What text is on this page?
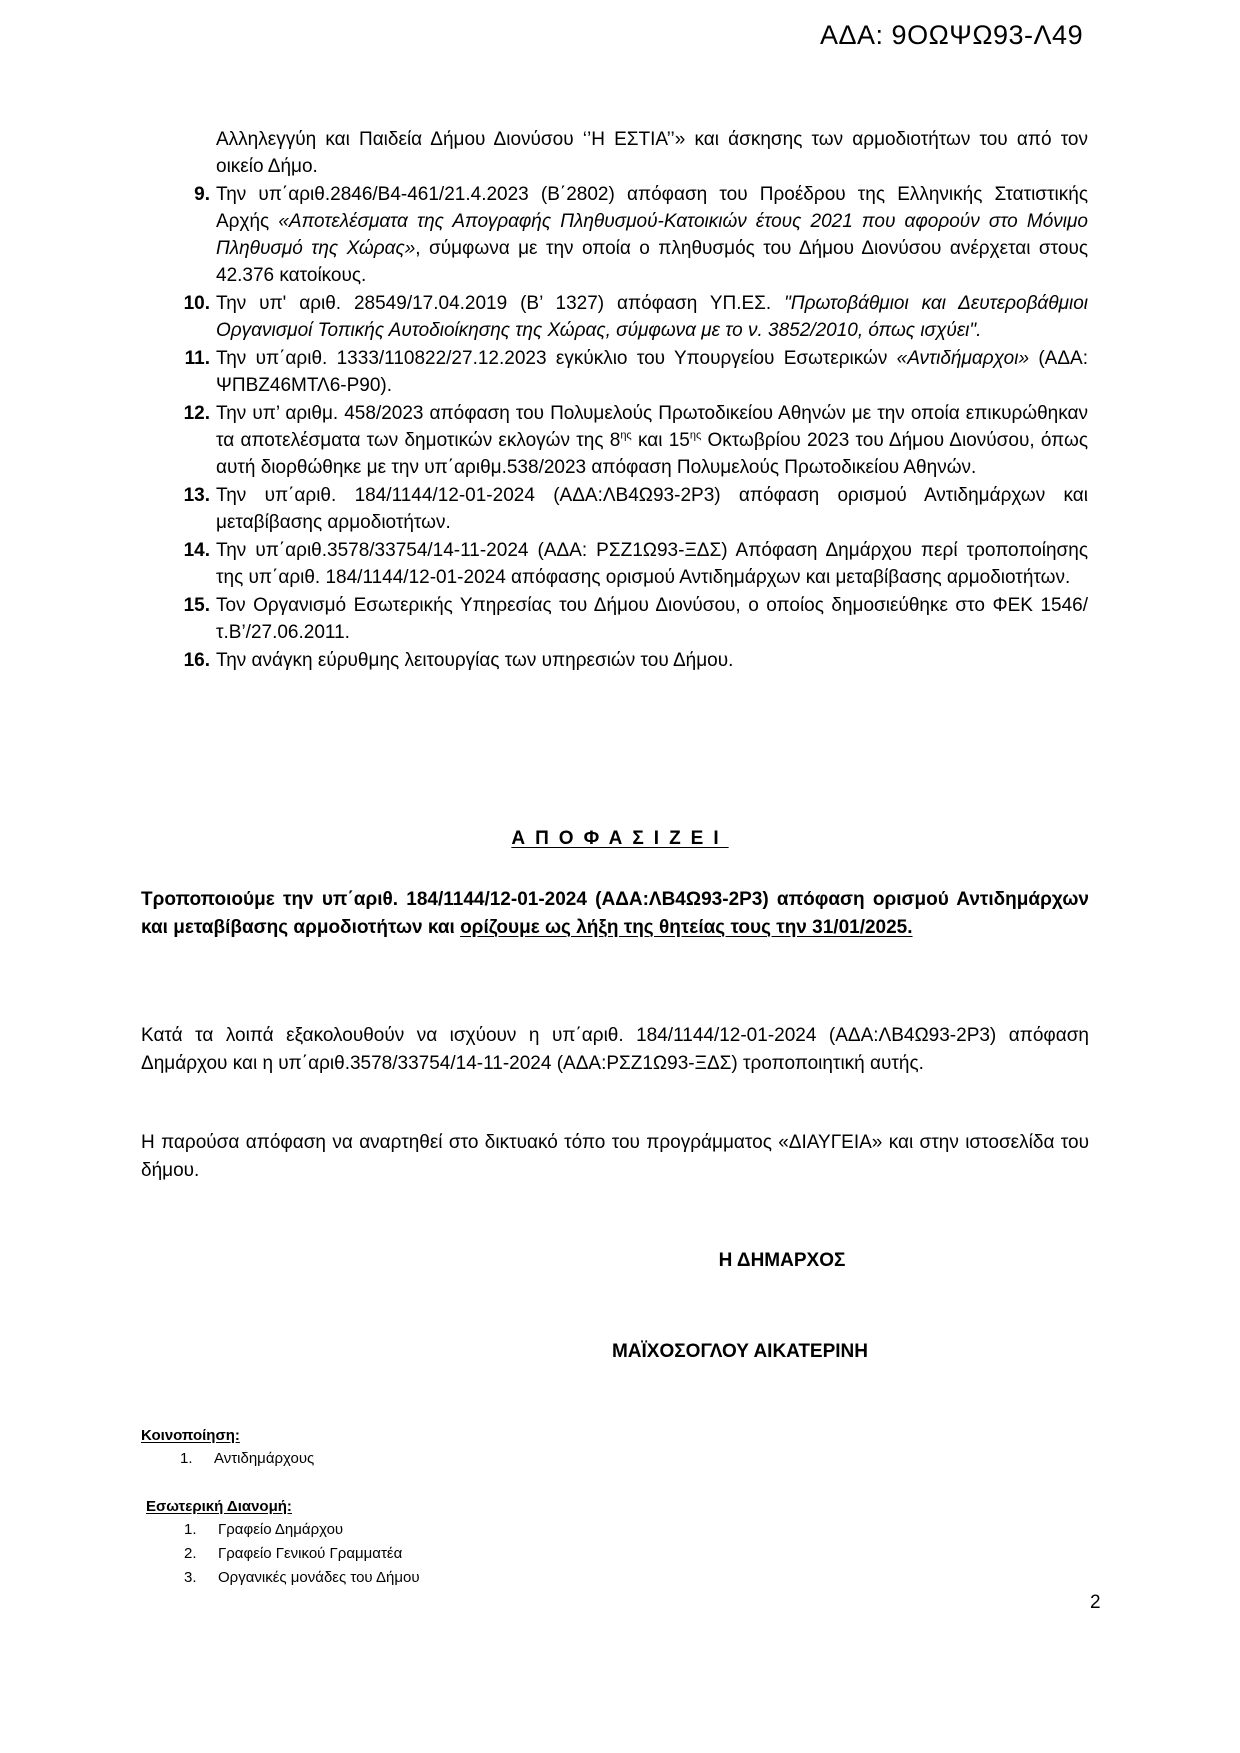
ΑΔΑ: 9ΟΩΨΩ93-Λ49
Αλληλεγγύη και Παιδεία Δήμου Διονύσου ‘’Η ΕΣΤΙΑ’’» και άσκησης των αρμοδιοτήτων του από τον οικείο Δήμο.
9. Την υπ΄αριθ.2846/Β4-461/21.4.2023 (Β΄2802) απόφαση του Προέδρου της Ελληνικής Στατιστικής Αρχής «Αποτελέσματα της Απογραφής Πληθυσμού-Κατοικιών έτους 2021 που αφορούν στο Μόνιμο Πληθυσμό της Χώρας», σύμφωνα με την οποία ο πληθυσμός του Δήμου Διονύσου ανέρχεται στους 42.376 κατοίκους.
10. Την υπ' αριθ. 28549/17.04.2019 (Β’ 1327) απόφαση ΥΠ.ΕΣ. "Πρωτοβάθμιοι και Δευτεροβάθμιοι Οργανισμοί Τοπικής Αυτοδιοίκησης της Χώρας, σύμφωνα με το ν. 3852/2010, όπως ισχύει".
11. Την υπ΄αριθ. 1333/110822/27.12.2023 εγκύκλιο του Υπουργείου Εσωτερικών «Αντιδήμαρχοι» (ΑΔΑ: ΨΠΒΖ46ΜΤΛ6-Ρ90).
12. Την υπ’ αριθμ. 458/2023 απόφαση του Πολυμελούς Πρωτοδικείου Αθηνών με την οποία επικυρώθηκαν τα αποτελέσματα των δημοτικών εκλογών της $8^{\eta\varsigma}$ και $15^{\eta\varsigma}$ Οκτωβρίου 2023 του Δήμου Διονύσου, όπως αυτή διορθώθηκε με την υπ΄αριθμ.538/2023 απόφαση Πολυμελούς Πρωτοδικείου Αθηνών.
13. Την υπ΄αριθ. 184/1144/12-01-2024 (ΑΔΑ:ΛΒ4Ω93-2Ρ3) απόφαση ορισμού Αντιδημάρχων και μεταβίβασης αρμοδιοτήτων.
14. Την υπ΄αριθ.3578/33754/14-11-2024 (ΑΔΑ: ΡΣΖ1Ω93-ΞΔΣ) Απόφαση Δημάρχου περί τροποποίησης της υπ΄αριθ. 184/1144/12-01-2024 απόφασης ορισμού Αντιδημάρχων και μεταβίβασης αρμοδιοτήτων.
15. Τον Οργανισμό Εσωτερικής Υπηρεσίας του Δήμου Διονύσου, ο οποίος δημοσιεύθηκε στο ΦΕΚ 1546/τ.Β’/27.06.2011.
16. Την ανάγκη εύρυθμης λειτουργίας των υπηρεσιών του Δήμου.
ΑΠΟΦΑΣΙΖΕΙ
Τροποποιούμε την υπ΄αριθ. 184/1144/12-01-2024 (ΑΔΑ:ΛΒ4Ω93-2Ρ3) απόφαση ορισμού Αντιδημάρχων και μεταβίβασης αρμοδιοτήτων και ορίζουμε ως λήξη της θητείας τους την 31/01/2025.
Κατά τα λοιπά εξακολουθούν να ισχύουν η υπ΄αριθ. 184/1144/12-01-2024 (ΑΔΑ:ΛΒ4Ω93-2Ρ3) απόφαση Δημάρχου και η υπ΄αριθ.3578/33754/14-11-2024 (ΑΔΑ:ΡΣΖ1Ω93-ΞΔΣ) τροποποιητική αυτής.
Η παρούσα απόφαση να αναρτηθεί στο δικτυακό τόπο του προγράμματος «ΔΙΑΥΓΕΙΑ» και στην ιστοσελίδα του δήμου.
Η ΔΗΜΑΡΧΟΣ
ΜΑΪΧΟΣΟΓΛΟΥ ΑΙΚΑΤΕΡΙΝΗ
Κοινοποίηση:
1. Αντιδημάρχους
Εσωτερική Διανομή:
1. Γραφείο Δημάρχου
2. Γραφείο Γενικού Γραμματέα
3. Οργανικές μονάδες του Δήμου
2
